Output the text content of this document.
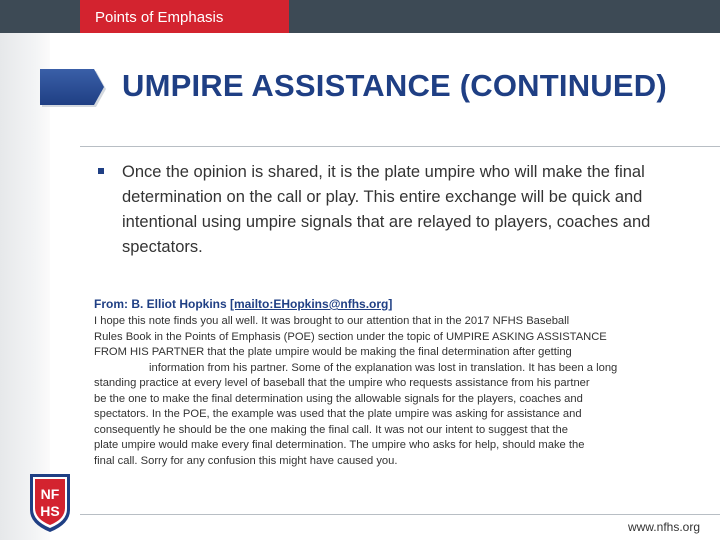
Points of Emphasis
UMPIRE ASSISTANCE (CONTINUED)
Once the opinion is shared, it is the plate umpire who will make the final determination on the call or play. This entire exchange will be quick and intentional using umpire signals that are relayed to players, coaches and spectators.
From: B. Elliot Hopkins [mailto:EHopkins@nfhs.org]
I hope this note finds you all well. It was brought to our attention that in the 2017 NFHS Baseball
Rules Book in the Points of Emphasis (POE) section under the topic of UMPIRE ASKING ASSISTANCE
FROM HIS PARTNER that the plate umpire would be making the final determination after getting
information from his partner. Some of the explanation was lost in translation. It has been a long
standing practice at every level of baseball that the umpire who requests assistance from his partner
be the one to make the final determination using the allowable signals for the players, coaches and
spectators. In the POE, the example was used that the plate umpire was asking for assistance and
consequently he should be the one making the final call. It was not our intent to suggest that the
plate umpire would make every final determination. The umpire who asks for help, should make the
final call. Sorry for any confusion this might have caused you.
NF
HS
www.nfhs.org
